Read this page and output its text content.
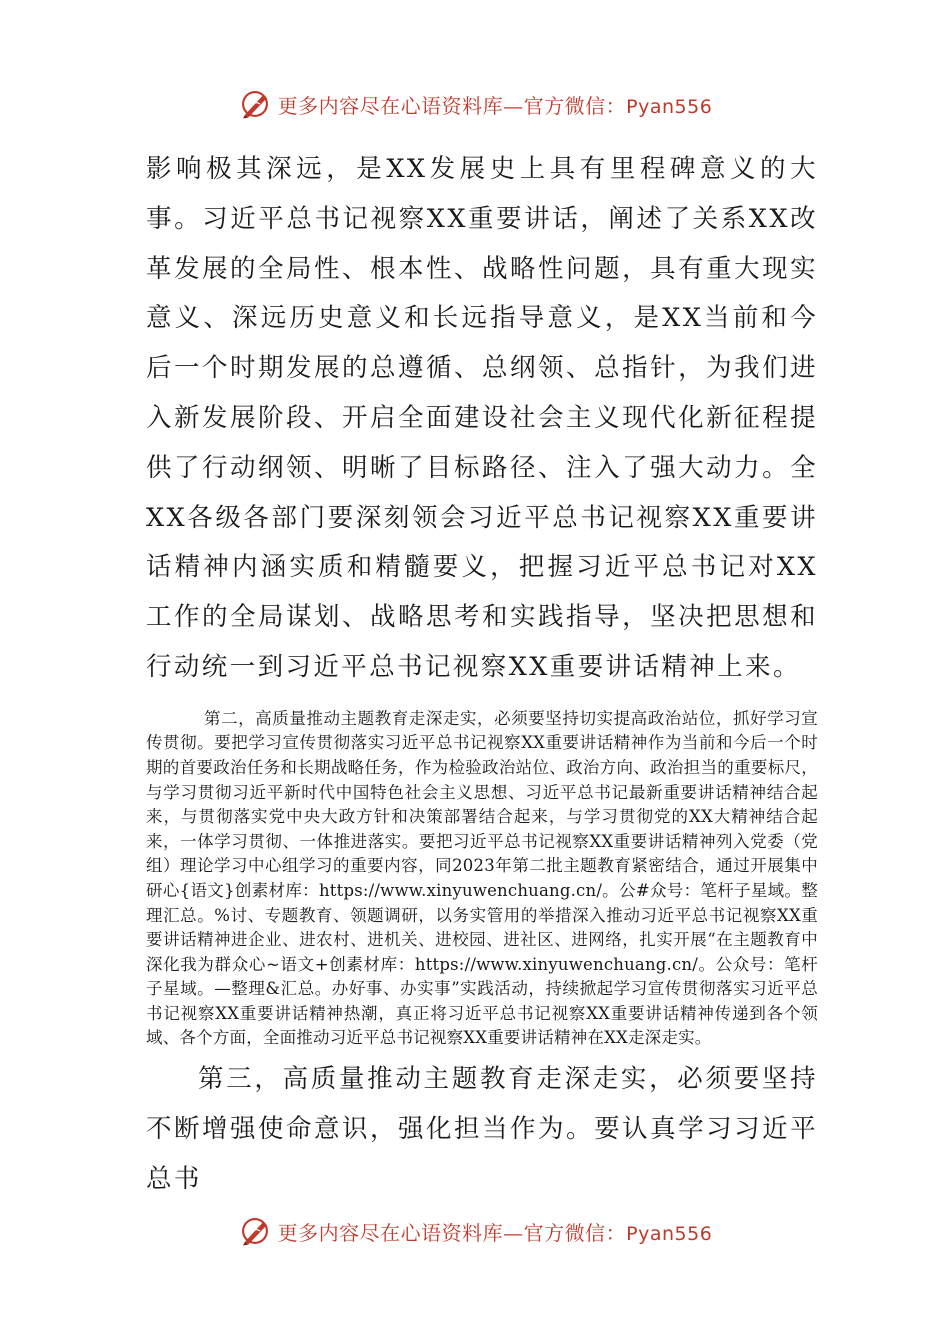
更多内容尽在心语资料库—官方微信：Pyan556

影响极其深远，是XX发展史上具有里程碑意义的大事。习近平总书记视察XX重要讲话，阐述了关系XX改革发展的全局性、根本性、战略性问题，具有重大现实意义、深远历史意义和长远指导意义，是XX当前和今后一个时期发展的总遵循、总纲领、总指针，为我们进入新发展阶段、开启全面建设社会主义现代化新征程提供了行动纲领、明晰了目标路径、注入了强大动力。全XX各级各部门要深刻领会习近平总书记视察XX重要讲话精神内涵实质和精髓要义，把握习近平总书记对XX工作的全局谋划、战略思考和实践指导，坚决把思想和行动统一到习近平总书记视察XX重要讲话精神上来。

第二，高质量推动主题教育走深走实，必须要坚持切实提高政治站位，抓好学习宣传贯彻。要把学习宣传贯彻落实习近平总书记视察XX重要讲话精神作为当前和今后一个时期的首要政治任务和长期战略任务，作为检验政治站位、政治方向、政治担当的重要标尺，与学习贯彻习近平新时代中国特色社会主义思想、习近平总书记最新重要讲话精神结合起来，与贯彻落实党中央大政方针和决策部署结合起来，与学习贯彻党的XX大精神结合起来，一体学习贯彻、一体推进落实。要把习近平总书记视察XX重要讲话精神列入党委（党组）理论学习中心组学习的重要内容，同2023年第二批主题教育紧密结合，通过开展集中研心{语文}创素材库：https://www.xinyuwenchuang.cn/。公#众号：笔杆子星域。整理汇总。%讨、专题教育、领题调研，以务实管用的举措深入推动习近平总书记视察XX重要讲话精神进企业、进农村、进机关、进校园、进社区、进网络，扎实开展“在主题教育中深化我为群众心~语文+创素材库：https://www.xinyuwenchuang.cn/。公众号：笔杆子星域。—整理&汇总。办好事、办实事”实践活动，持续掀起学习宣传贯彻落实习近平总书记视察XX重要讲话精神热潮，真正将习近平总书记视察XX重要讲话精神传递到各个领域、各个方面，全面推动习近平总书记视察XX重要讲话精神在XX走深走实。

第三，高质量推动主题教育走深走实，必须要坚持不断增强使命意识，强化担当作为。要认真学习习近平总书

更多内容尽在心语资料库—官方微信：Pyan556
